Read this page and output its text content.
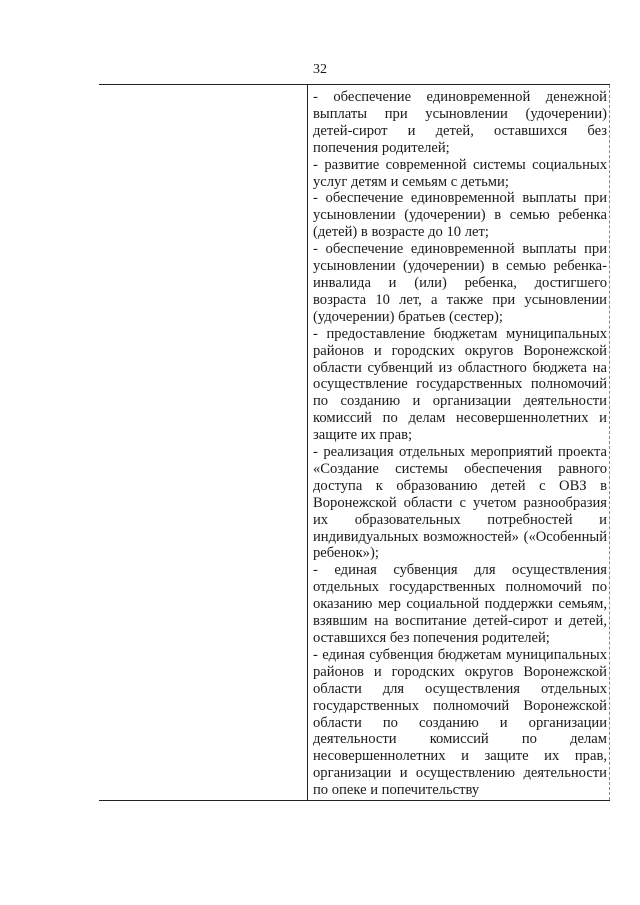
32

- обеспечение единовременной денежной выплаты при усыновлении (удочерении) детей-сирот и детей, оставшихся без попечения родителей;

- развитие современной системы социальных услуг детям и семьям с детьми;

- обеспечение единовременной выплаты при усыновлении (удочерении) в семью ребенка (детей) в возрасте до 10 лет;

- обеспечение единовременной выплаты при усыновлении (удочерении) в семью ребенка-инвалида и (или) ребенка, достигшего возраста 10 лет, а также при усыновлении (удочерении) братьев (сестер);

- предоставление бюджетам муниципальных районов и городских округов Воронежской области субвенций из областного бюджета на осуществление государственных полномочий по созданию и организации деятельности комиссий по делам несовершеннолетних и защите их прав;

- реализация отдельных мероприятий проекта «Создание системы обеспечения равного доступа к образованию детей с ОВЗ в Воронежской области с учетом разнообразия их образовательных потребностей и индивидуальных возможностей» («Особенный ребенок»);

- единая субвенция для осуществления отдельных государственных полномочий по оказанию мер социальной поддержки семьям, взявшим на воспитание детей-сирот и детей, оставшихся без попечения родителей;

- единая субвенция бюджетам муниципальных районов и городских округов Воронежской области для осуществления отдельных государственных полномочий Воронежской области по созданию и организации деятельности комиссий по делам несовершеннолетних и защите их прав, организации и осуществлению деятельности по опеке и попечительству
